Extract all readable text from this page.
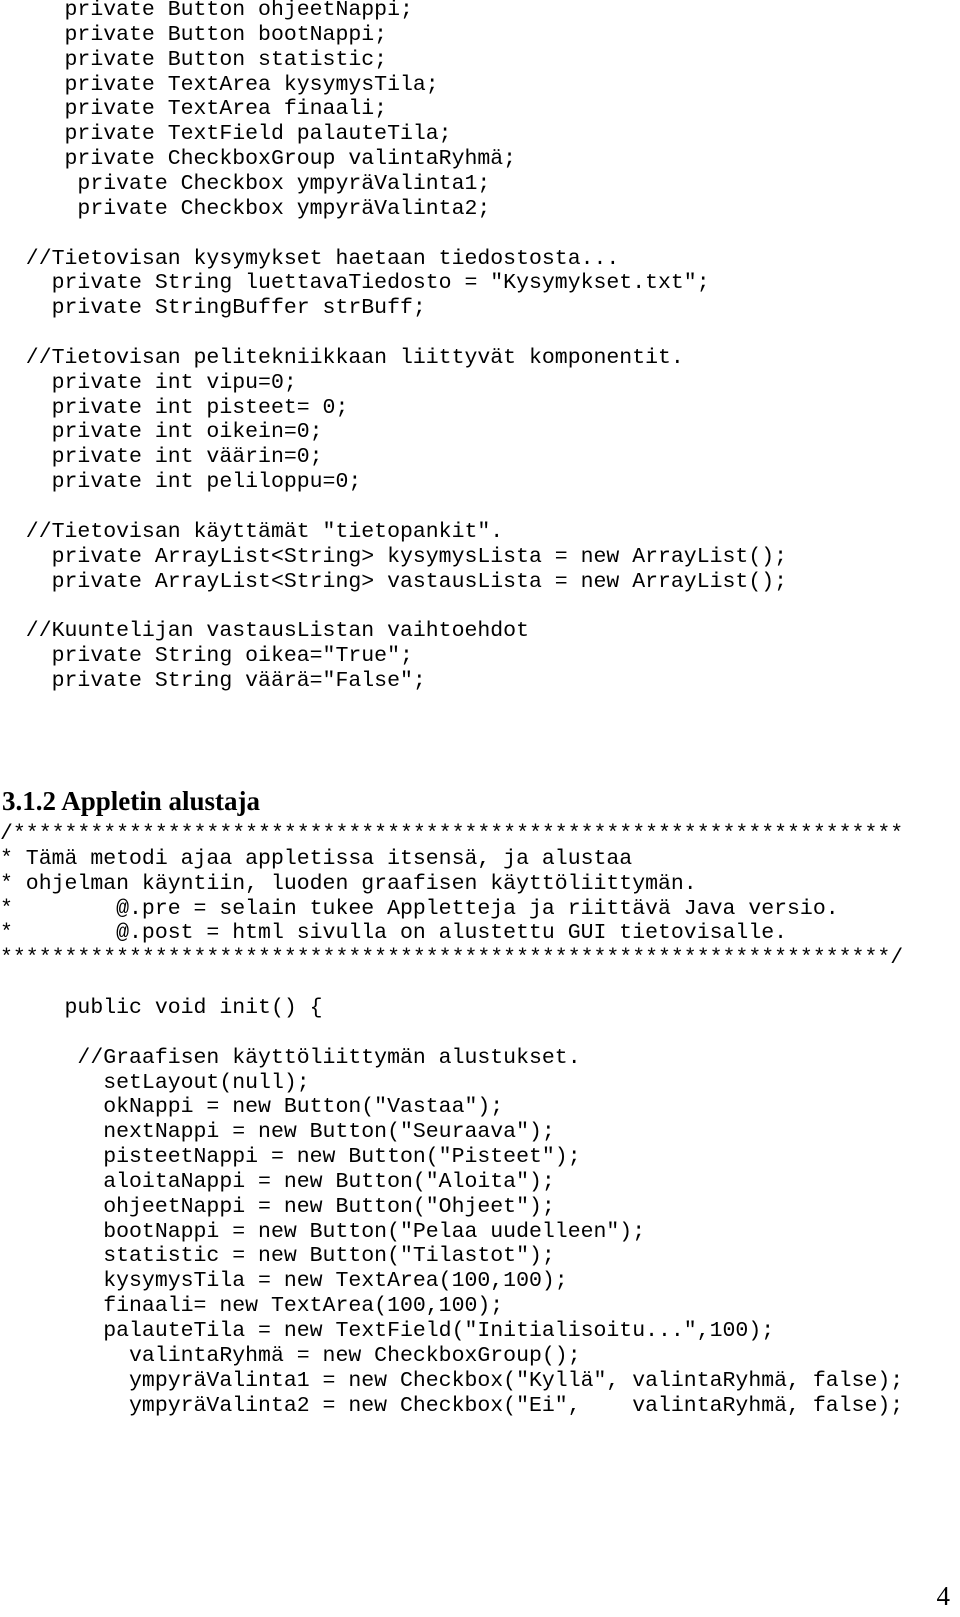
private Button ohjeetNappi;
private Button bootNappi;
private Button statistic;
private TextArea kysymysTila;
private TextArea finaali;
private TextField palauteTila;
private CheckboxGroup valintaRyhmä;
private Checkbox ympyräValinta1;
private Checkbox ympyräValinta2;
//Tietovisan kysymykset haetaan tiedostosta...
private String luettavaTiedosto = "Kysymykset.txt";
private StringBuffer strBuff;
//Tietovisan pelitekniikkaan liittyvät komponentit.
private int vipu=0;
private int pisteet= 0;
private int oikein=0;
private int väärin=0;
private int peliloppu=0;
//Tietovisan käyttämät "tietopankit".
private ArrayList<String> kysymysLista = new ArrayList();
private ArrayList<String> vastausLista = new ArrayList();
//Kuuntelijan vastausListan vaihtoehdot
private String oikea="True";
private String väärä="False";
3.1.2 Appletin alustaja
/*********************************************************************
* Tämä metodi ajaa appletissa itsensä, ja alustaa
* ohjelman käyntiin, luoden graafisen käyttöliittymän.
*        @.pre = selain tukee Appletteja ja riittävä Java versio.
*        @.post = html sivulla on alustettu GUI tietovisalle.
*********************************************************************/
public void init() {
//Graafisen käyttöliittymän alustukset.
setLayout(null);
okNappi = new Button("Vastaa");
nextNappi = new Button("Seuraava");
pisteetNappi = new Button("Pisteet");
aloitaNappi = new Button("Aloita");
ohjeetNappi = new Button("Ohjeet");
bootNappi = new Button("Pelaa uudelleen");
statistic = new Button("Tilastot");
kysymysTila = new TextArea(100,100);
finaali= new TextArea(100,100);
palauteTila = new TextField("Initialisoitu...",100);
valintaRyhmä = new CheckboxGroup();
ympyräValinta1 = new Checkbox("Kyllä", valintaRyhmä, false);
ympyräValinta2 = new Checkbox("Ei",    valintaRyhmä, false);
4
